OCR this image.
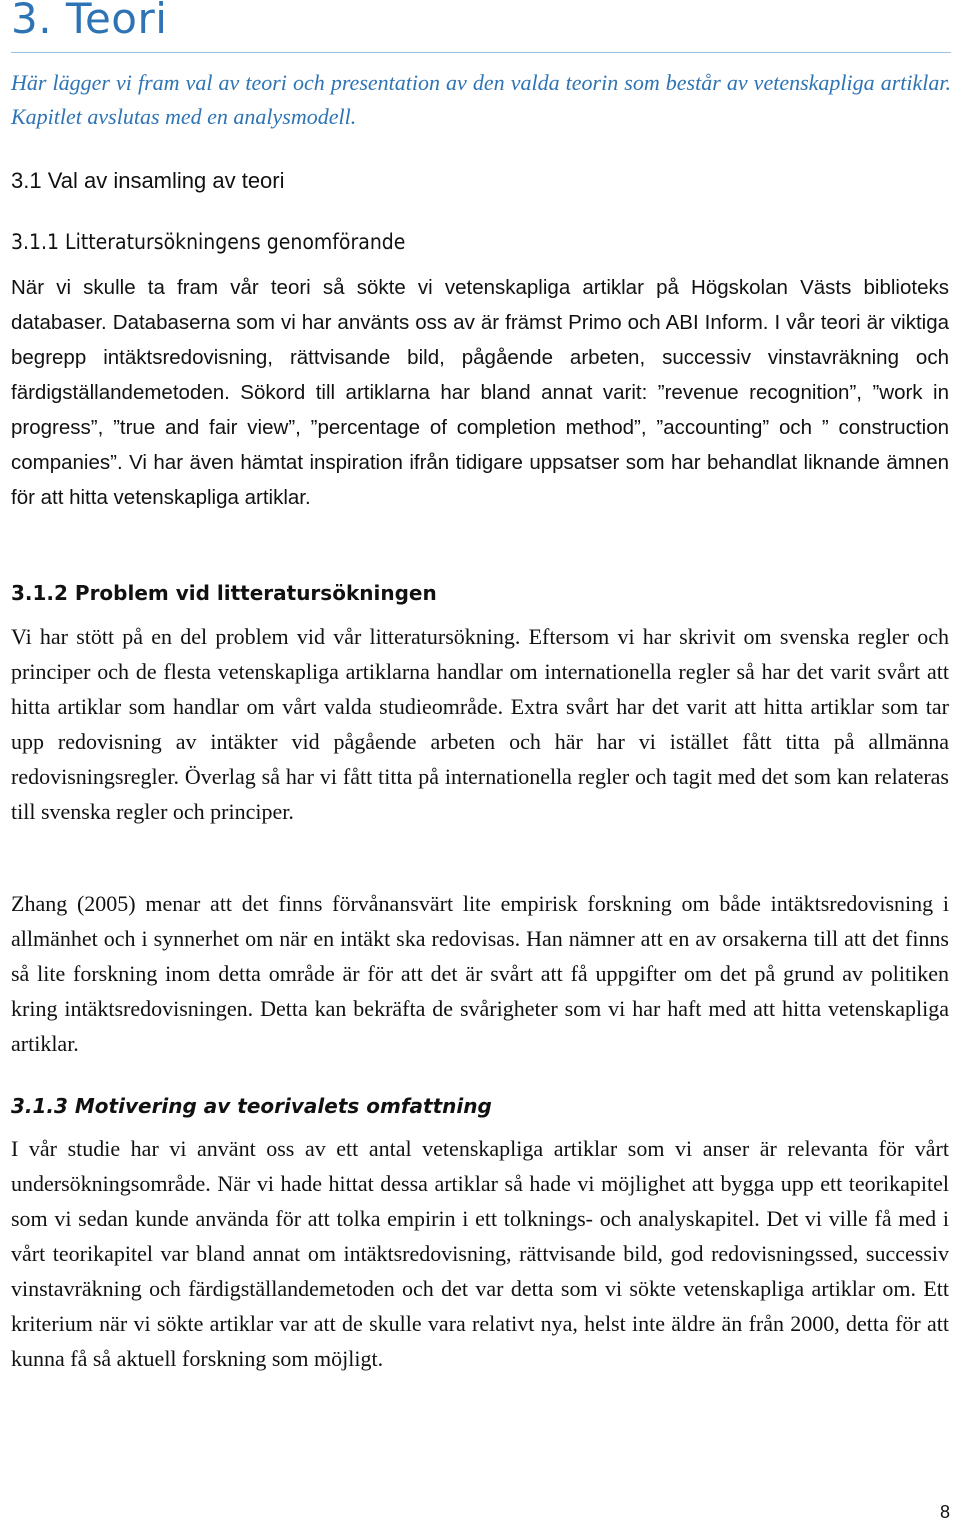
3. Teori

Här lägger vi fram val av teori och presentation av den valda teorin som består av vetenskapliga artiklar. Kapitlet avslutas med en analysmodell.

3.1 Val av insamling av teori
3.1.1 Litteratursökningens genomförande

När vi skulle ta fram vår teori så sökte vi vetenskapliga artiklar på Högskolan Västs biblioteks databaser. Databaserna som vi har använts oss av är främst Primo och ABI Inform. I vår teori är viktiga begrepp intäktsredovisning, rättvisande bild, pågående arbeten, successiv vinstavräkning och färdigställandemetoden. Sökord till artiklarna har bland annat varit: ”revenue recognition”, ”work in progress”, ”true and fair view”, ”percentage of completion method”, ”accounting” och ” construction companies”. Vi har även hämtat inspiration ifrån tidigare uppsatser som har behandlat liknande ämnen för att hitta vetenskapliga artiklar.

3.1.2 Problem vid litteratursökningen

Vi har stött på en del problem vid vår litteratursökning. Eftersom vi har skrivit om svenska regler och principer och de flesta vetenskapliga artiklarna handlar om internationella regler så har det varit svårt att hitta artiklar som handlar om vårt valda studieområde. Extra svårt har det varit att hitta artiklar som tar upp redovisning av intäkter vid pågående arbeten och här har vi istället fått titta på allmänna redovisningsregler. Överlag så har vi fått titta på internationella regler och tagit med det som kan relateras till svenska regler och principer.

Zhang (2005) menar att det finns förvånansvärt lite empirisk forskning om både intäktsredovisning i allmänhet och i synnerhet om när en intäkt ska redovisas. Han nämner att en av orsakerna till att det finns så lite forskning inom detta område är för att det är svårt att få uppgifter om det på grund av politiken kring intäktsredovisningen. Detta kan bekräfta de svårigheter som vi har haft med att hitta vetenskapliga artiklar.

3.1.3 Motivering av teorivalets omfattning

I vår studie har vi använt oss av ett antal vetenskapliga artiklar som vi anser är relevanta för vårt undersökningsområde. När vi hade hittat dessa artiklar så hade vi möjlighet att bygga upp ett teorikapitel som vi sedan kunde använda för att tolka empirin i ett tolknings- och analyskapitel. Det vi ville få med i vårt teorikapitel var bland annat om intäktsredovisning, rättvisande bild, god redovisningssed, successiv vinstavräkning och färdigställandemetoden och det var detta som vi sökte vetenskapliga artiklar om. Ett kriterium när vi sökte artiklar var att de skulle vara relativt nya, helst inte äldre än från 2000, detta för att kunna få så aktuell forskning som möjligt.

8
